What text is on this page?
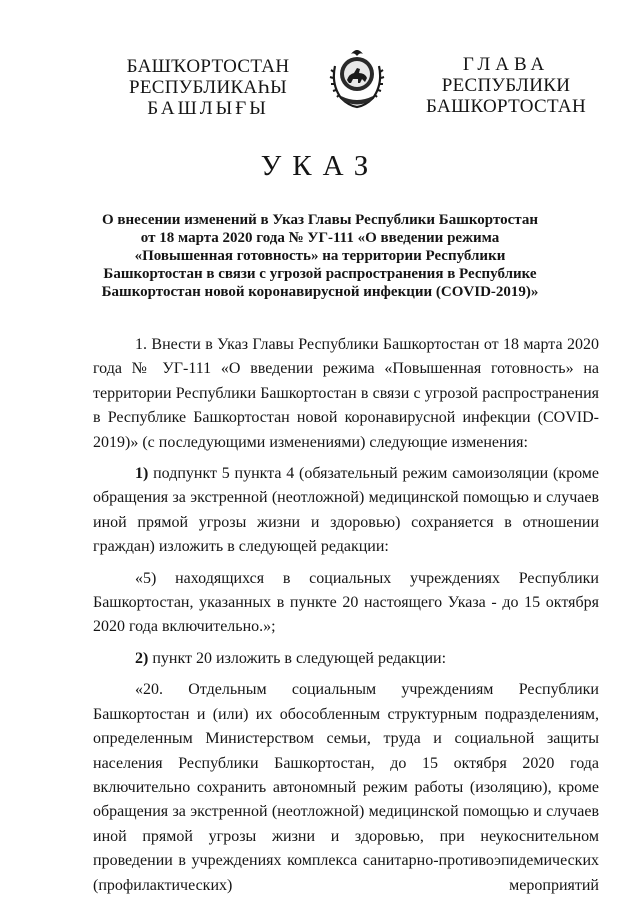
БАШҠОРТОСТАН
РЕСПУБЛИКАҺЫ
БАШЛЫҒЫ
ГЛАВА
РЕСПУБЛИКИ
БАШКОРТОСТАН
УКАЗ
О внесении изменений в Указ Главы Республики Башкортостан от 18 марта 2020 года № УГ-111 «О введении режима «Повышенная готовность» на территории Республики Башкортостан в связи с угрозой распространения в Республике Башкортостан новой коронавирусной инфекции (COVID-2019)»

1. Внести в Указ Главы Республики Башкортостан от 18 марта 2020 года № УГ-111 «О введении режима «Повышенная готовность» на территории Республики Башкортостан в связи с угрозой распространения в Республике Башкортостан новой коронавирусной инфекции (COVID-2019)» (с последующими изменениями) следующие изменения:

1) подпункт 5 пункта 4 (обязательный режим самоизоляции (кроме обращения за экстренной (неотложной) медицинской помощью и случаев иной прямой угрозы жизни и здоровью) сохраняется в отношении граждан) изложить в следующей редакции:

«5) находящихся в социальных учреждениях Республики Башкортостан, указанных в пункте 20 настоящего Указа - до 15 октября 2020 года включительно.»;

2) пункт 20 изложить в следующей редакции:

«20. Отдельным социальным учреждениям Республики Башкортостан и (или) их обособленным структурным подразделениям, определенным Министерством семьи, труда и социальной защиты населения Республики Башкортостан, до 15 октября 2020 года включительно сохранить автономный режим работы (изоляцию), кроме обращения за экстренной (неотложной) медицинской помощью и случаев иной прямой угрозы жизни и здоровью, при неукоснительном проведении в учреждениях комплекса санитарно-противоэпидемических (профилактических) мероприятий
